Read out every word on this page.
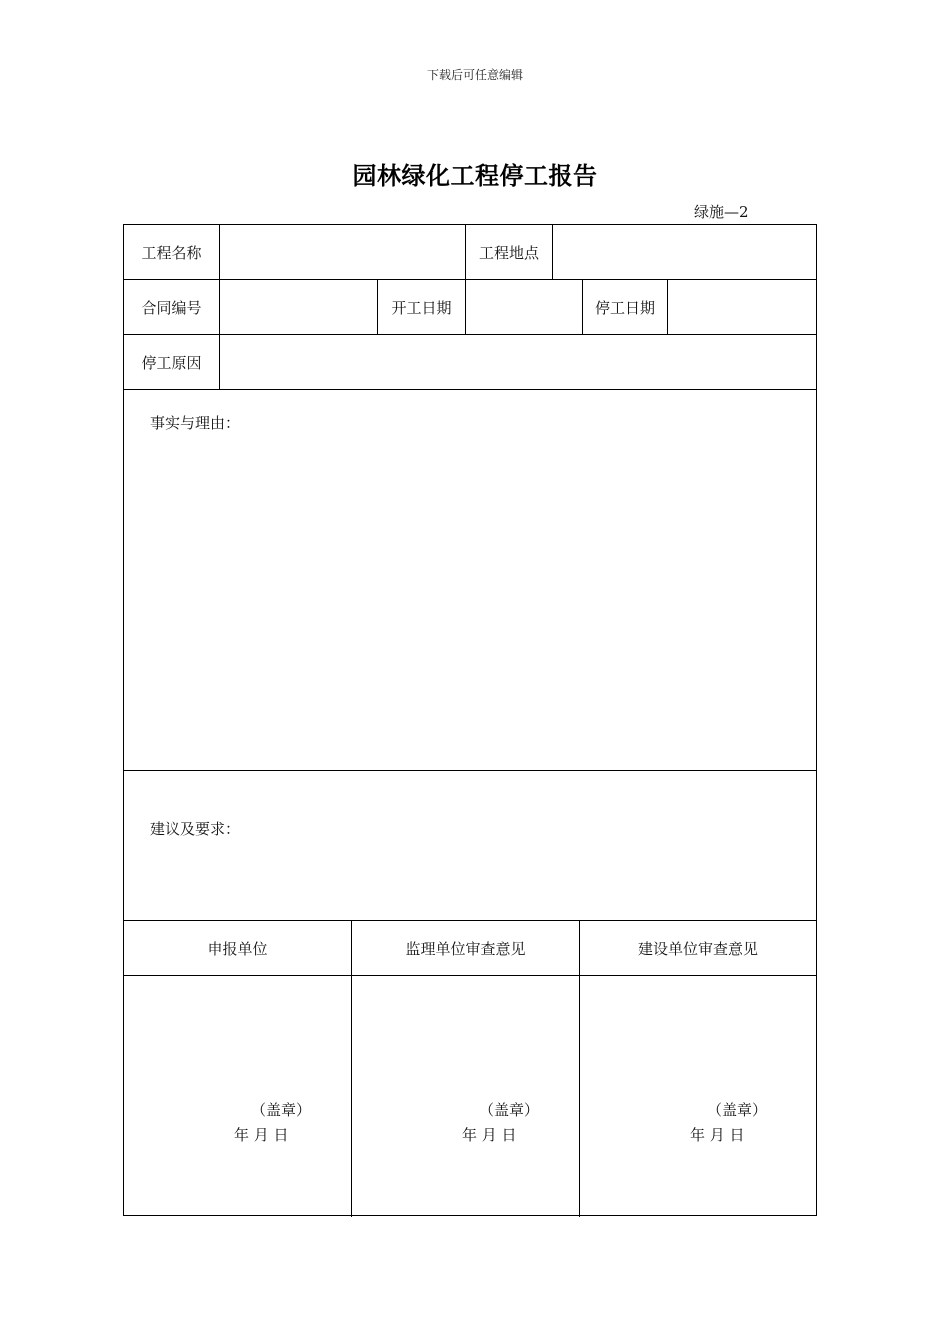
下载后可任意编辑
园林绿化工程停工报告
绿施—2
工程名称	工程地点
合同编号	开工日期	停工日期
停工原因
事实与理由：
建议及要求：
申报单位	监理单位审查意见	建设单位审查意见
（盖章）
年 月 日
（盖章）
年 月 日
（盖章）
年 月 日
